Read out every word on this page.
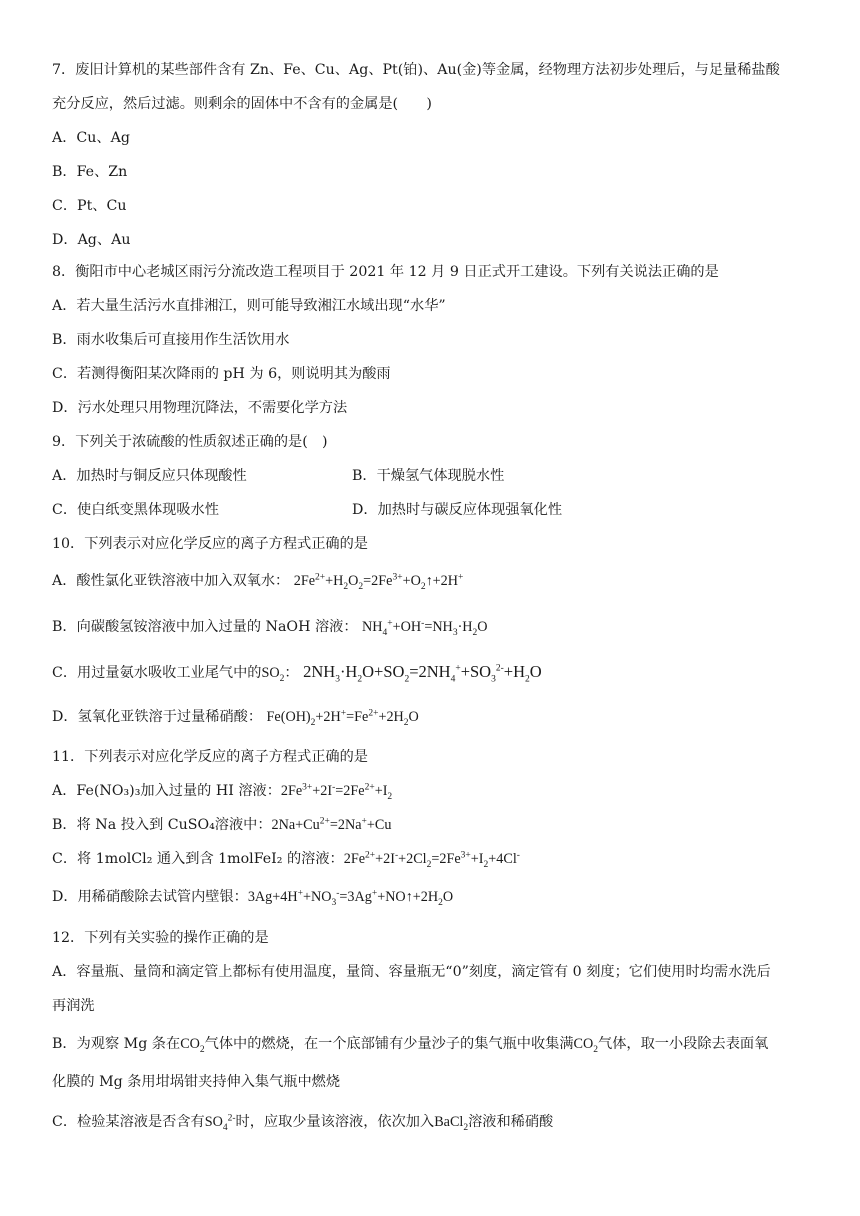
7．废旧计算机的某些部件含有 Zn、Fe、Cu、Ag、Pt(铂)、Au(金)等金属，经物理方法初步处理后，与足量稀盐酸
充分反应，然后过滤。则剩余的固体中不含有的金属是(　　)
A．Cu、Ag
B．Fe、Zn
C．Pt、Cu
D．Ag、Au
8．衡阳市中心老城区雨污分流改造工程项目于 2021 年 12 月 9 日正式开工建设。下列有关说法正确的是
A．若大量生活污水直排湘江，则可能导致湘江水域出现“水华”
B．雨水收集后可直接用作生活饮用水
C．若测得衡阳某次降雨的 pH 为 6，则说明其为酸雨
D．污水处理只用物理沉降法，不需要化学方法
9．下列关于浓硫酸的性质叙述正确的是(　)
A．加热时与铜反应只体现酸性	B．干燥氢气体现脱水性
C．使白纸变黑体现吸水性	D．加热时与碳反应体现强氧化性
10．下列表示对应化学反应的离子方程式正确的是
A．酸性氯化亚铁溶液中加入双氧水： $2Fe^{2+}+H_2O_2=2Fe^{3+}+O_2↑+2H^+$
B．向碳酸氢铵溶液中加入过量的 NaOH 溶液： $NH_4^++OH^-=NH_3\cdot H_2O$
C．用过量氨水吸收工业尾气中的$SO_2$： $2NH_3\cdot H_2O+SO_2=2NH_4^++SO_3^{2-}+H_2O$
D．氢氧化亚铁溶于过量稀硝酸： $Fe(OH)_2+2H^+=Fe^{2+}+2H_2O$
11．下列表示对应化学反应的离子方程式正确的是
A．Fe(NO₃)₃加入过量的 HI 溶液：$2Fe^{3+}+2I^-=2Fe^{2+}+I_2$
B．将 Na 投入到 CuSO₄溶液中：$2Na+Cu^{2+}=2Na^++Cu$
C．将 1molCl₂ 通入到含 1molFeI₂ 的溶液：$2Fe^{2+}+2I^-+2Cl_2=2Fe^{3+}+I_2+4Cl^-$
D．用稀硝酸除去试管内壁银：$3Ag+4H^++NO_3^-=3Ag^++NO↑+2H_2O$
12．下列有关实验的操作正确的是
A．容量瓶、量筒和滴定管上都标有使用温度，量筒、容量瓶无“0”刻度，滴定管有 0 刻度；它们使用时均需水洗后
再润洗
B．为观察 Mg 条在$CO_2$气体中的燃烧，在一个底部铺有少量沙子的集气瓶中收集满$CO_2$气体，取一小段除去表面氧
化膜的 Mg 条用坩埚钳夹持伸入集气瓶中燃烧
C．检验某溶液是否含有$SO_4^{2-}$时，应取少量该溶液，依次加入BaCl$_2$溶液和稀硝酸
